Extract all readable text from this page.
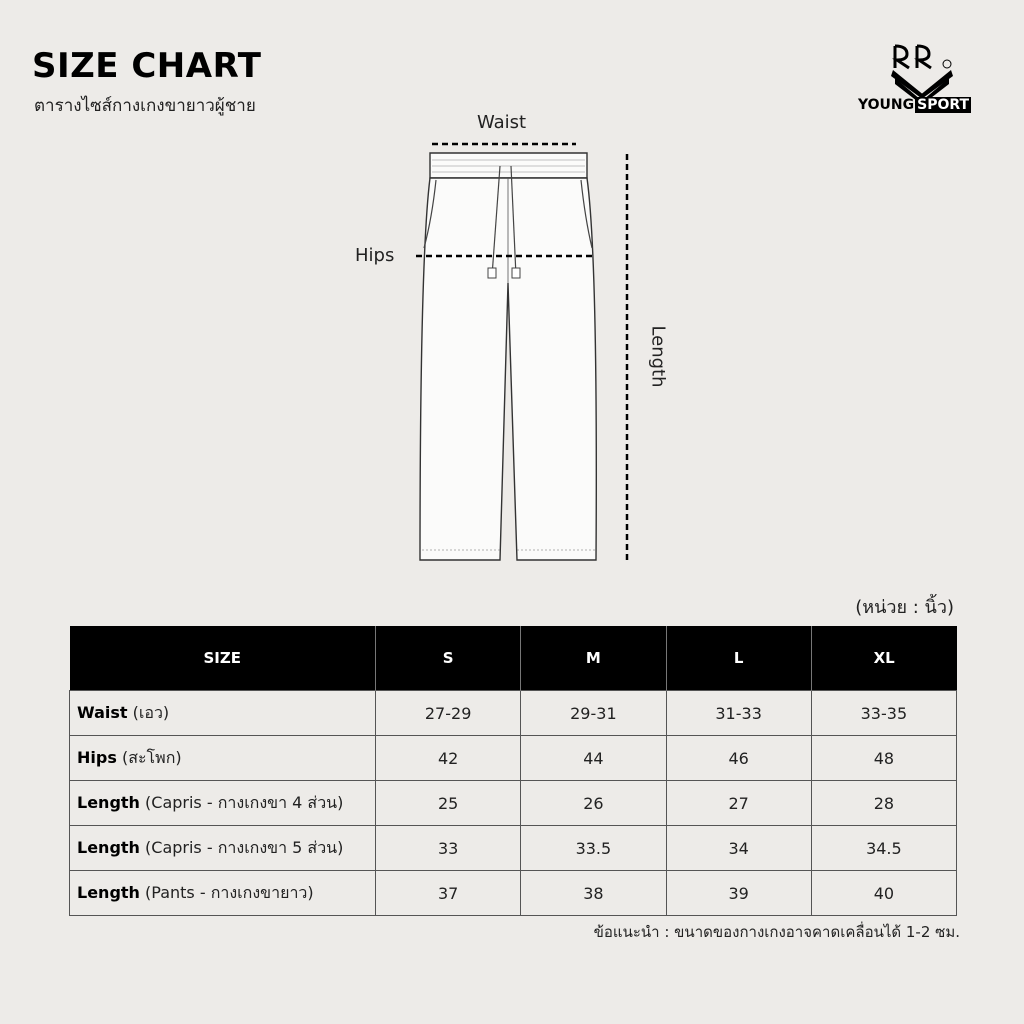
SIZE CHART
ตารางไซส์กางเกงขายาวผู้ชาย	YOUNG SPORT
Waist
Hips
Length
(หน่วย : นิ้ว)
SIZE	S	M	L	XL
Waist (เอว)	27-29	29-31	31-33	33-35
Hips (สะโพก)	42	44	46	48
Length (Capris - กางเกงขา 4 ส่วน)	25	26	27	28
Length (Capris - กางเกงขา 5 ส่วน)	33	33.5	34	34.5
Length (Pants - กางเกงขายาว)	37	38	39	40
ข้อแนะนำ : ขนาดของกางเกงอาจคาดเคลื่อนได้ 1-2 ซม.
